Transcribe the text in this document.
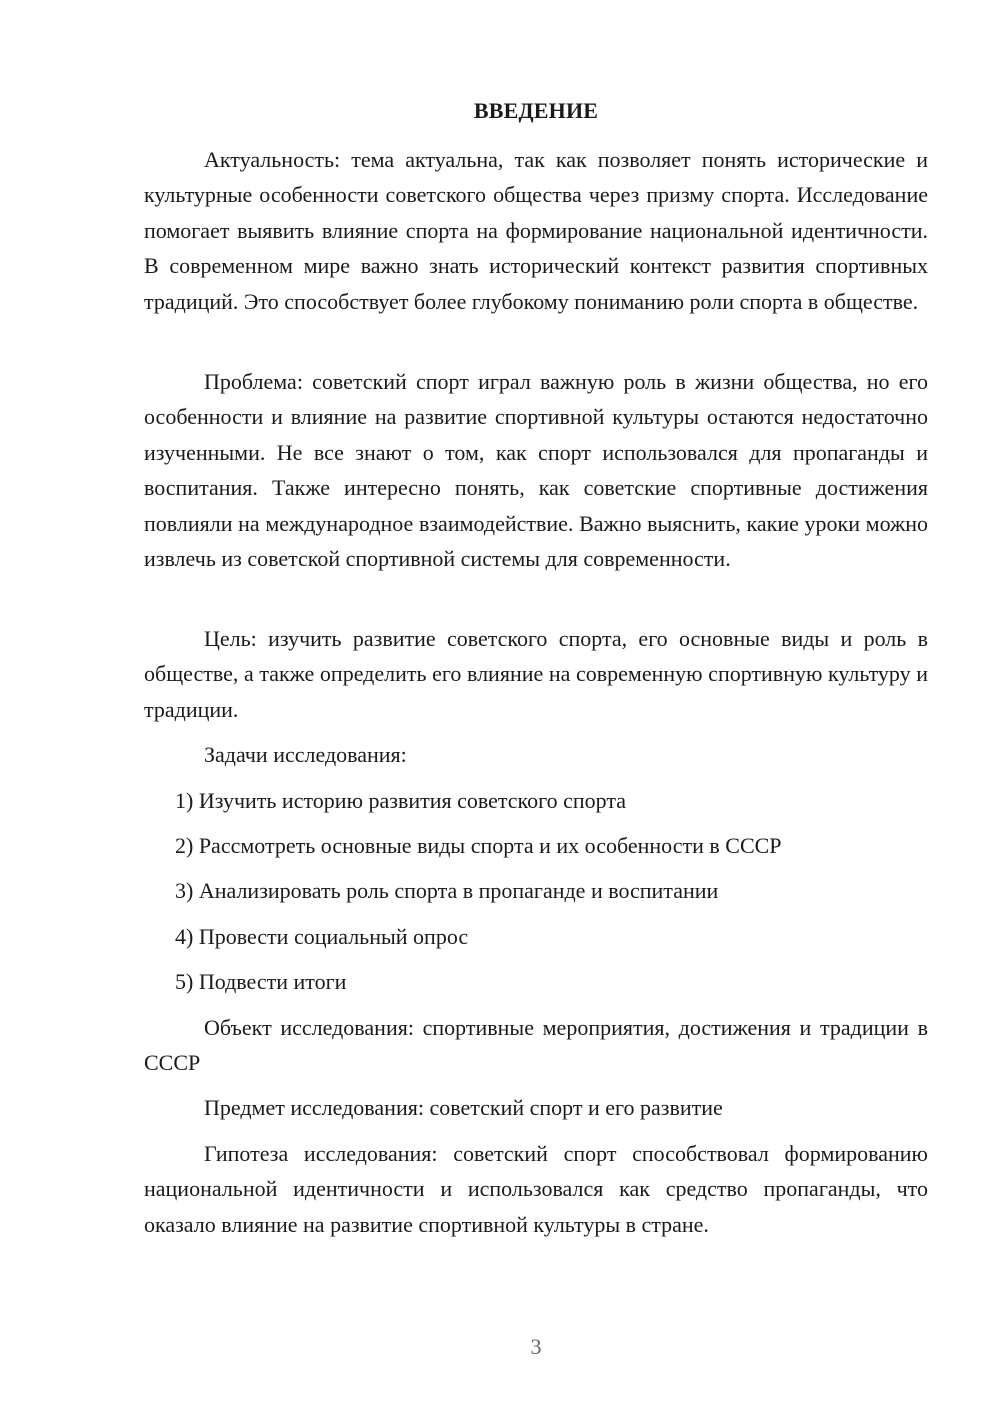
ВВЕДЕНИЕ

Актуальность: тема актуальна, так как позволяет понять исторические и культурные особенности советского общества через призму спорта. Исследование помогает выявить влияние спорта на формирование национальной идентичности. В современном мире важно знать исторический контекст развития спортивных традиций. Это способствует более глубокому пониманию роли спорта в обществе.

Проблема: советский спорт играл важную роль в жизни общества, но его особенности и влияние на развитие спортивной культуры остаются недостаточно изученными. Не все знают о том, как спорт использовался для пропаганды и воспитания. Также интересно понять, как советские спортивные достижения повлияли на международное взаимодействие. Важно выяснить, какие уроки можно извлечь из советской спортивной системы для современности.

Цель: изучить развитие советского спорта, его основные виды и роль в обществе, а также определить его влияние на современную спортивную культуру и традиции.

Задачи исследования:

1) Изучить историю развития советского спорта

2) Рассмотреть основные виды спорта и их особенности в СССР

3) Анализировать роль спорта в пропаганде и воспитании

4) Провести социальный опрос

5) Подвести итоги

Объект исследования: спортивные мероприятия, достижения и традиции в СССР

Предмет исследования: советский спорт и его развитие

Гипотеза исследования: советский спорт способствовал формированию национальной идентичности и использовался как средство пропаганды, что оказало влияние на развитие спортивной культуры в стране.

3
